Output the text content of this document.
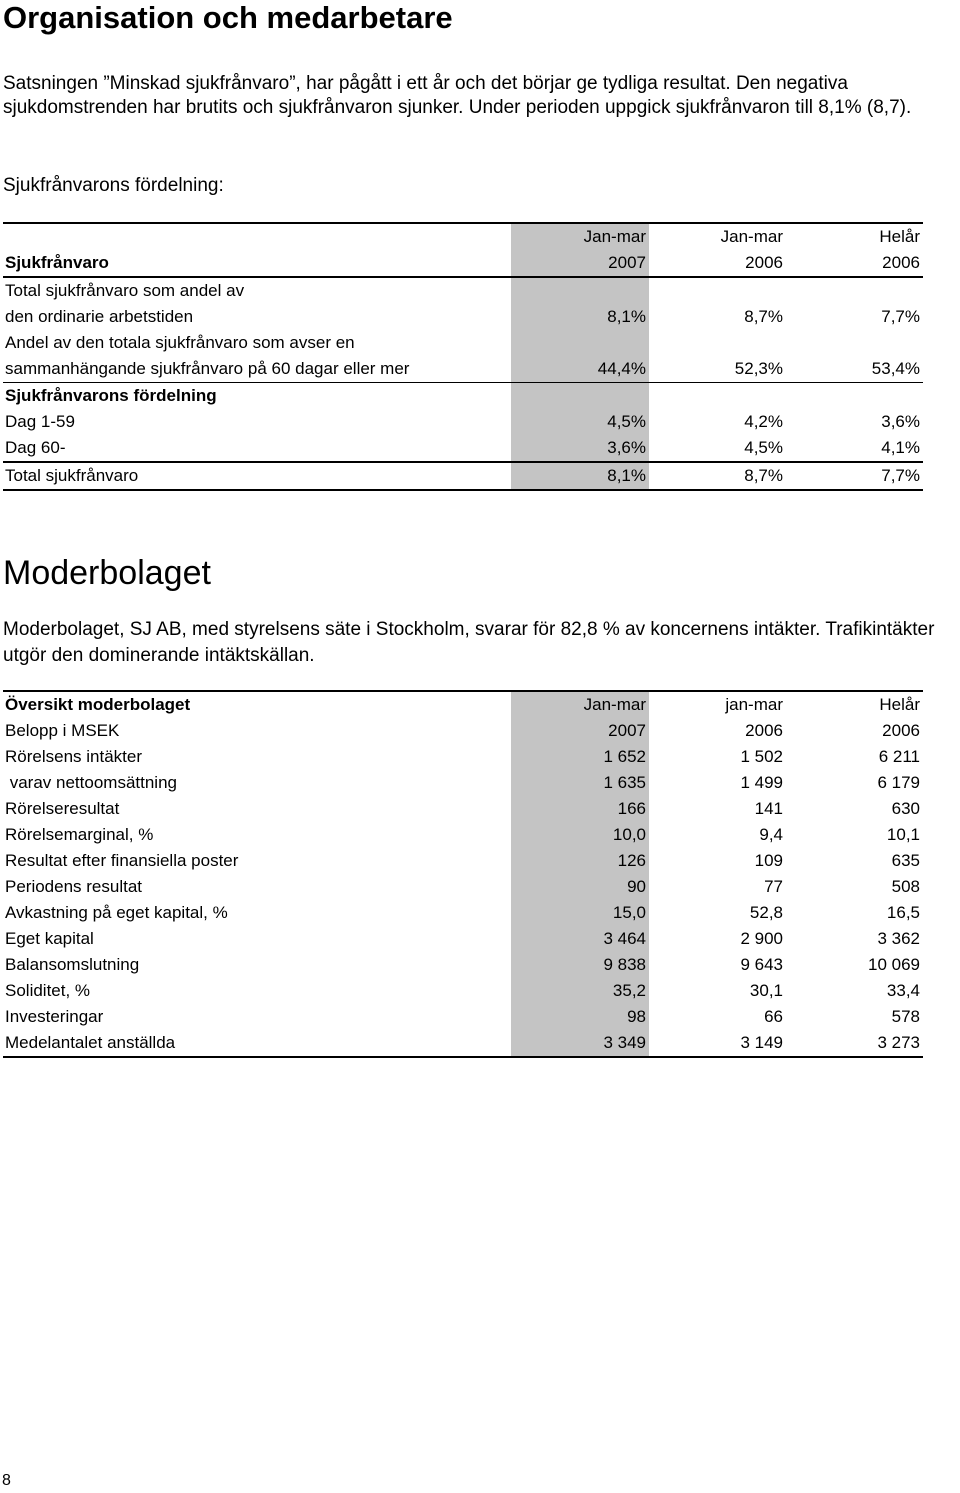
Organisation och medarbetare
Satsningen ”Minskad sjukfrånvaro”, har pågått i ett år och det börjar ge tydliga resultat. Den negativa sjukdomstrenden har brutits och sjukfrånvaron sjunker. Under perioden uppgick sjukfrånvaron till 8,1% (8,7).
Sjukfrånvarons fördelning:
	Jan-mar	Jan-mar	Helår
Sjukfrånvaro	2007	2006	2006
Total sjukfrånvaro som andel av			
den ordinarie arbetstiden	8,1%	8,7%	7,7%
Andel av den totala sjukfrånvaro som avser en			
sammanhängande sjukfrånvaro på 60 dagar eller mer	44,4%	52,3%	53,4%
Sjukfrånvarons fördelning			
Dag 1-59	4,5%	4,2%	3,6%
Dag 60-	3,6%	4,5%	4,1%
Total sjukfrånvaro	8,1%	8,7%	7,7%
Moderbolaget
Moderbolaget, SJ AB, med styrelsens säte i Stockholm, svarar för 82,8 % av koncernens intäkter. Trafikintäkter utgör den dominerande intäktskällan.
Översikt moderbolaget	Jan-mar	jan-mar	Helår
Belopp i MSEK	2007	2006	2006
Rörelsens intäkter	1 652	1 502	6 211
varav nettoomsättning	1 635	1 499	6 179
Rörelseresultat	166	141	630
Rörelsemarginal, %	10,0	9,4	10,1
Resultat efter finansiella poster	126	109	635
Periodens resultat	90	77	508
Avkastning på eget kapital, %	15,0	52,8	16,5
Eget kapital	3 464	2 900	3 362
Balansomslutning	9 838	9 643	10 069
Soliditet, %	35,2	30,1	33,4
Investeringar	98	66	578
Medelantalet anställda	3 349	3 149	3 273
8
